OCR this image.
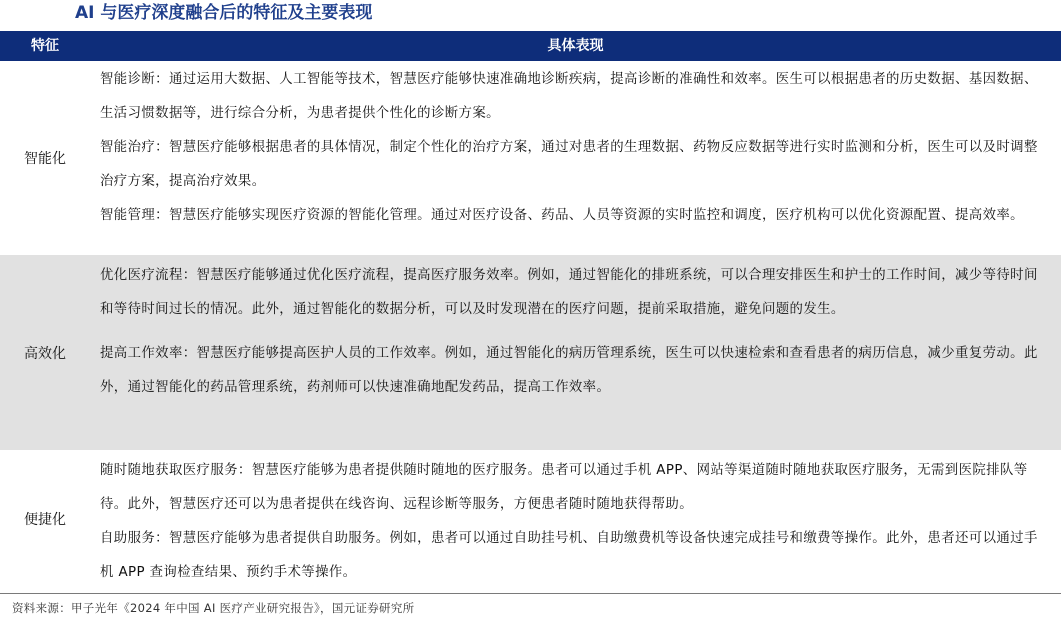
AI 与医疗深度融合后的特征及主要表现
特征	具体表现
智能化

智能诊断：通过运用大数据、人工智能等技术，智慧医疗能够快速准确地诊断疾病，提高诊断的准确性和效率。医生可以根据患者的历史数据、基因数据、生活习惯数据等，进行综合分析，为患者提供个性化的诊断方案。

智能治疗：智慧医疗能够根据患者的具体情况，制定个性化的治疗方案，通过对患者的生理数据、药物反应数据等进行实时监测和分析，医生可以及时调整治疗方案，提高治疗效果。

智能管理：智慧医疗能够实现医疗资源的智能化管理。通过对医疗设备、药品、人员等资源的实时监控和调度，医疗机构可以优化资源配置、提高效率。

高效化

优化医疗流程：智慧医疗能够通过优化医疗流程，提高医疗服务效率。例如，通过智能化的排班系统，可以合理安排医生和护士的工作时间，减少等待时间和等待时间过长的情况。此外，通过智能化的数据分析，可以及时发现潜在的医疗问题，提前采取措施，避免问题的发生。

提高工作效率：智慧医疗能够提高医护人员的工作效率。例如，通过智能化的病历管理系统，医生可以快速检索和查看患者的病历信息，减少重复劳动。此外，通过智能化的药品管理系统，药剂师可以快速准确地配发药品，提高工作效率。

便捷化

随时随地获取医疗服务：智慧医疗能够为患者提供随时随地的医疗服务。患者可以通过手机 APP、网站等渠道随时随地获取医疗服务，无需到医院排队等待。此外，智慧医疗还可以为患者提供在线咨询、远程诊断等服务，方便患者随时随地获得帮助。

自助服务：智慧医疗能够为患者提供自助服务。例如，患者可以通过自助挂号机、自助缴费机等设备快速完成挂号和缴费等操作。此外，患者还可以通过手机 APP 查询检查结果、预约手术等操作。

资料来源：甲子光年《2024 年中国 AI 医疗产业研究报告》，国元证券研究所
